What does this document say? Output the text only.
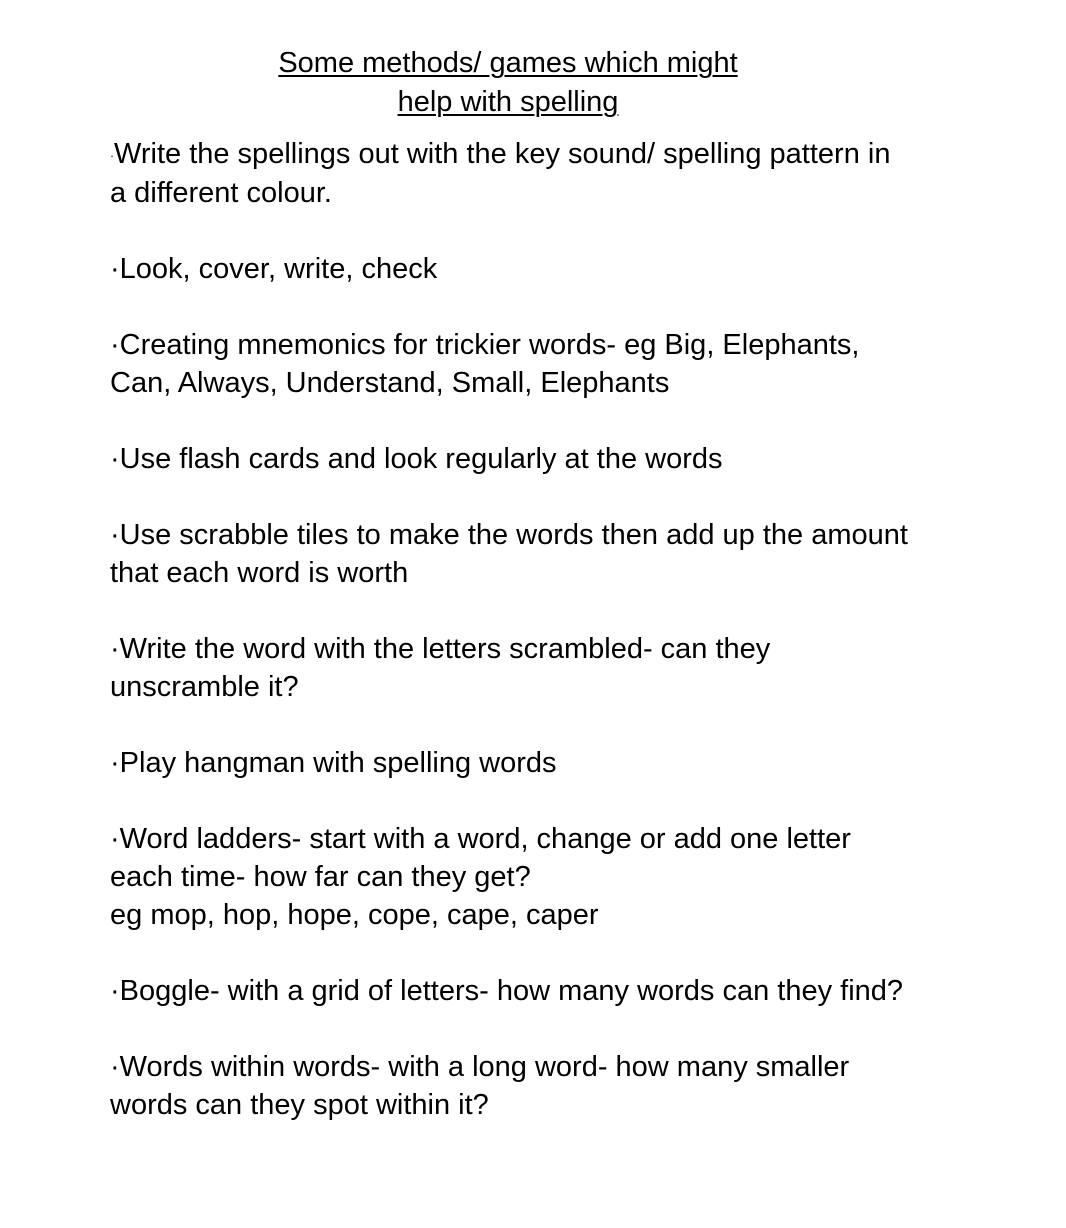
Some methods/ games which might
help with spelling
·Write the spellings out with the key sound/ spelling pattern in
a different colour.
·Look, cover, write, check
·Creating mnemonics for trickier words- eg Big, Elephants,
Can, Always, Understand, Small, Elephants
·Use flash cards and look regularly at the words
·Use scrabble tiles to make the words then add up the amount
that each word is worth
·Write the word with the letters scrambled- can they
unscramble it?
·Play hangman with spelling words
·Word ladders- start with a word, change or add one letter
each time- how far can they get?
eg mop, hop, hope, cope, cape, caper
·Boggle- with a grid of letters- how many words can they find?
·Words within words- with a long word- how many smaller
words can they spot within it?
